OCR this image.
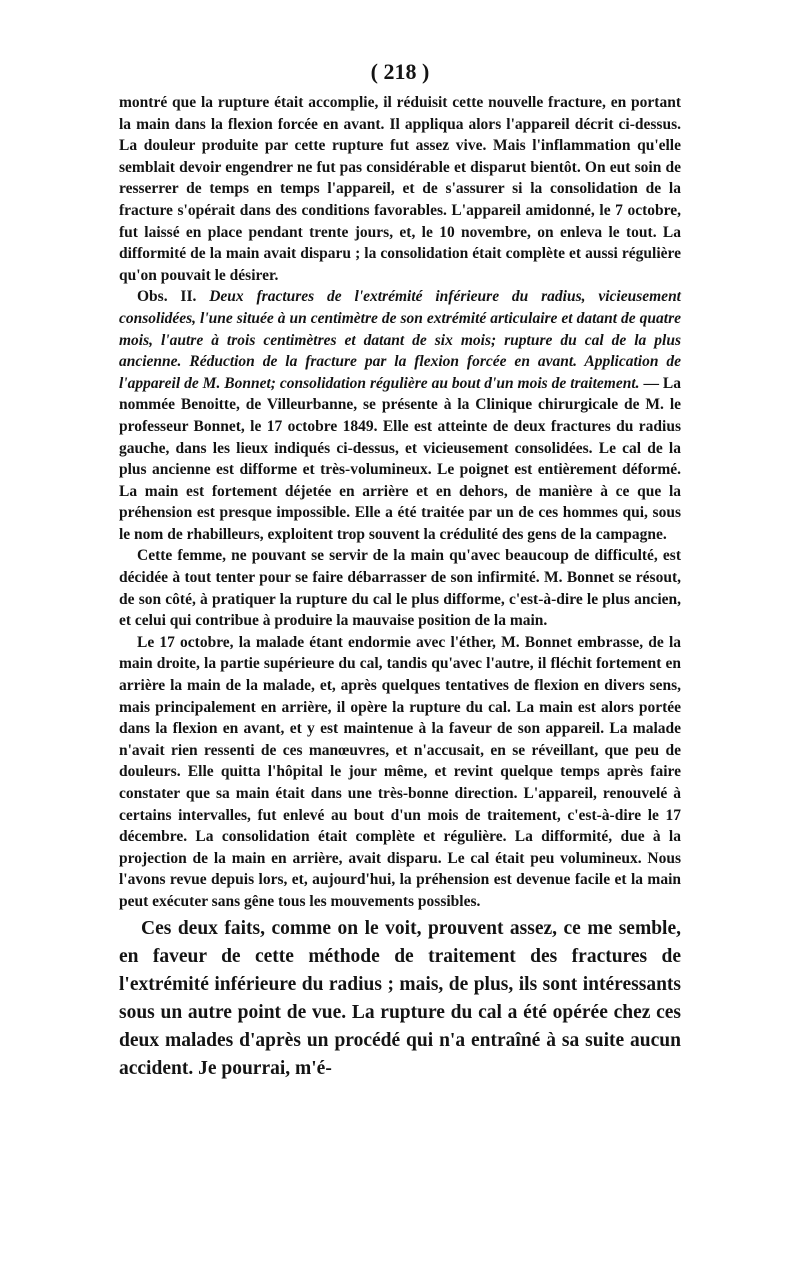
( 218 )

montré que la rupture était accomplie, il réduisit cette nouvelle fracture, en portant la main dans la flexion forcée en avant. Il appliqua alors l'appareil décrit ci-dessus. La douleur produite par cette rupture fut assez vive. Mais l'inflammation qu'elle semblait devoir engendrer ne fut pas considérable et disparut bientôt. On eut soin de resserrer de temps en temps l'appareil, et de s'assurer si la consolidation de la fracture s'opérait dans des conditions favorables. L'appareil amidonné, le 7 octobre, fut laissé en place pendant trente jours, et, le 10 novembre, on enleva le tout. La difformité de la main avait disparu ; la consolidation était complète et aussi régulière qu'on pouvait le désirer.

Obs. II. Deux fractures de l'extrémité inférieure du radius, vicieusement consolidées, l'une située à un centimètre de son extrémité articulaire et datant de quatre mois, l'autre à trois centimètres et datant de six mois; rupture du cal de la plus ancienne. Réduction de la fracture par la flexion forcée en avant. Application de l'appareil de M. Bonnet; consolidation régulière au bout d'un mois de traitement. — La nommée Benoitte, de Villeurbanne, se présente à la Clinique chirurgicale de M. le professeur Bonnet, le 17 octobre 1849. Elle est atteinte de deux fractures du radius gauche, dans les lieux indiqués ci-dessus, et vicieusement consolidées. Le cal de la plus ancienne est difforme et très-volumineux. Le poignet est entièrement déformé. La main est fortement déjetée en arrière et en dehors, de manière à ce que la préhension est presque impossible. Elle a été traitée par un de ces hommes qui, sous le nom de rhabilleurs, exploitent trop souvent la crédulité des gens de la campagne.

Cette femme, ne pouvant se servir de la main qu'avec beaucoup de difficulté, est décidée à tout tenter pour se faire débarrasser de son infirmité. M. Bonnet se résout, de son côté, à pratiquer la rupture du cal le plus difforme, c'est-à-dire le plus ancien, et celui qui contribue à produire la mauvaise position de la main.

Le 17 octobre, la malade étant endormie avec l'éther, M. Bonnet embrasse, de la main droite, la partie supérieure du cal, tandis qu'avec l'autre, il fléchit fortement en arrière la main de la malade, et, après quelques tentatives de flexion en divers sens, mais principalement en arrière, il opère la rupture du cal. La main est alors portée dans la flexion en avant, et y est maintenue à la faveur de son appareil. La malade n'avait rien ressenti de ces manœuvres, et n'accusait, en se réveillant, que peu de douleurs. Elle quitta l'hôpital le jour même, et revint quelque temps après faire constater que sa main était dans une très-bonne direction. L'appareil, renouvelé à certains intervalles, fut enlevé au bout d'un mois de traitement, c'est-à-dire le 17 décembre. La consolidation était complète et régulière. La difformité, due à la projection de la main en arrière, avait disparu. Le cal était peu volumineux. Nous l'avons revue depuis lors, et, aujourd'hui, la préhension est devenue facile et la main peut exécuter sans gêne tous les mouvements possibles.

Ces deux faits, comme on le voit, prouvent assez, ce me semble, en faveur de cette méthode de traitement des fractures de l'extrémité inférieure du radius ; mais, de plus, ils sont intéressants sous un autre point de vue. La rupture du cal a été opérée chez ces deux malades d'après un procédé qui n'a entraîné à sa suite aucun accident. Je pourrai, m'é-
